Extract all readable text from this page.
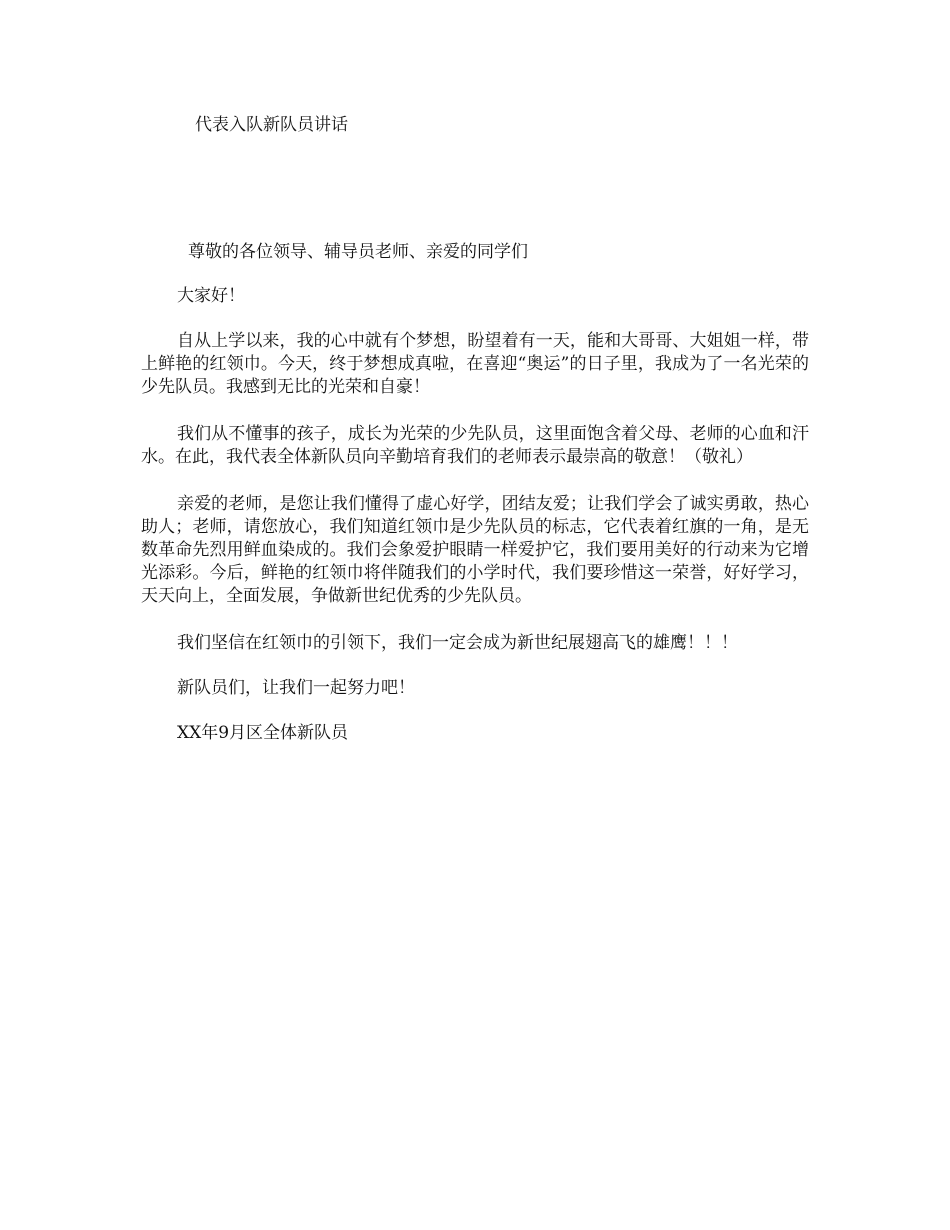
代表入队新队员讲话
尊敬的各位领导、辅导员老师、亲爱的同学们

大家好！

自从上学以来，我的心中就有个梦想，盼望着有一天，能和大哥哥、大姐姐一样，带上鲜艳的红领巾。今天，终于梦想成真啦，在喜迎“奥运”的日子里，我成为了一名光荣的少先队员。我感到无比的光荣和自豪！

我们从不懂事的孩子，成长为光荣的少先队员，这里面饱含着父母、老师的心血和汗水。在此，我代表全体新队员向辛勤培育我们的老师表示最崇高的敬意！（敬礼）

亲爱的老师，是您让我们懂得了虚心好学，团结友爱；让我们学会了诚实勇敢，热心助人；老师，请您放心，我们知道红领巾是少先队员的标志，它代表着红旗的一角，是无数革命先烈用鲜血染成的。我们会象爱护眼睛一样爱护它，我们要用美好的行动来为它增光添彩。今后，鲜艳的红领巾将伴随我们的小学时代，我们要珍惜这一荣誉，好好学习，天天向上，全面发展，争做新世纪优秀的少先队员。

我们坚信在红领巾的引领下，我们一定会成为新世纪展翅高飞的雄鹰！！！

新队员们，让我们一起努力吧！

XX年9月区全体新队员
